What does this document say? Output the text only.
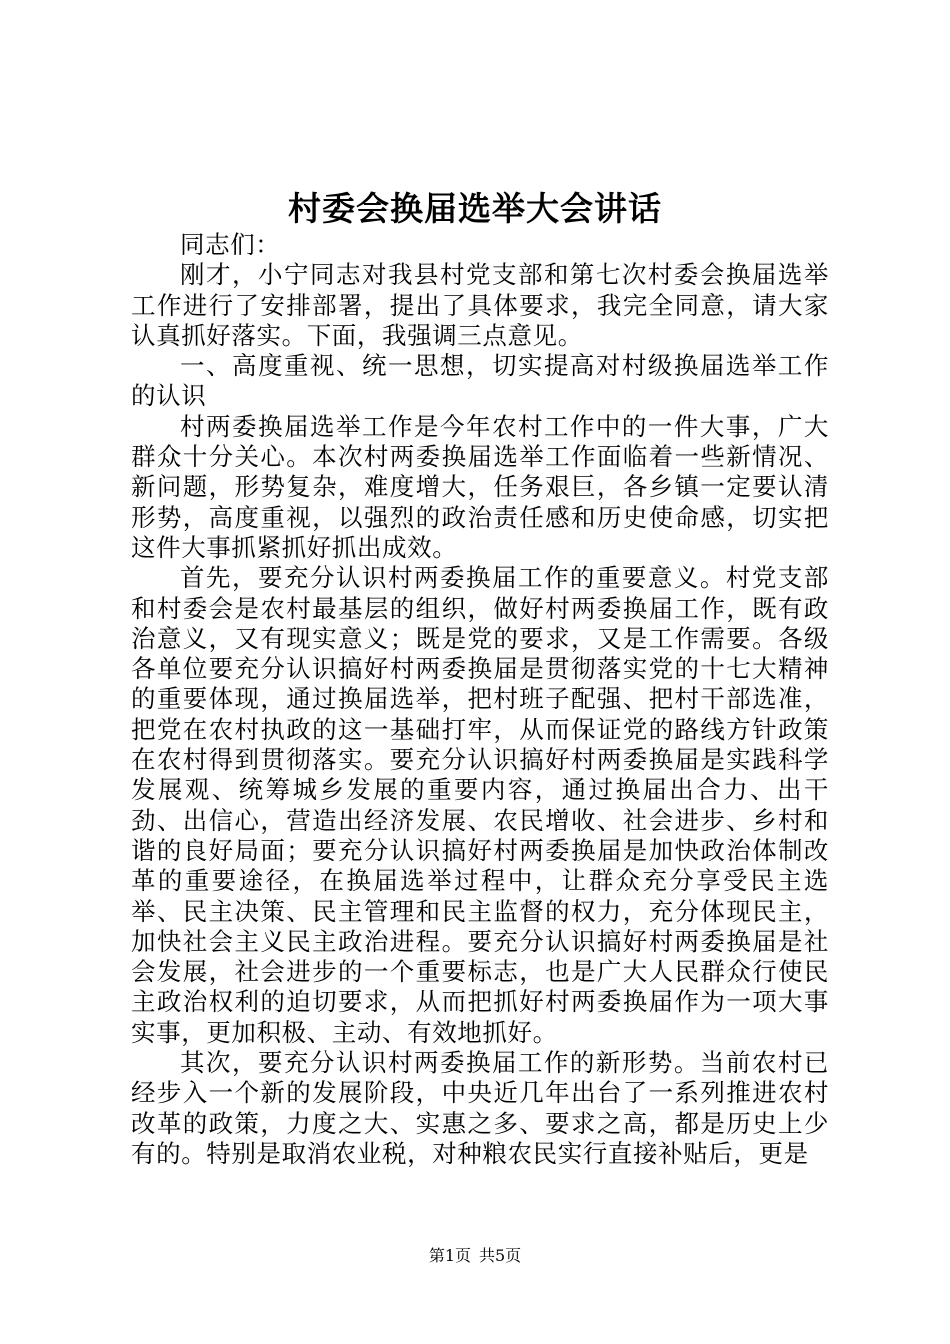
村委会换届选举大会讲话

同志们：

刚才，小宁同志对我县村党支部和第七次村委会换届选举工作进行了安排部署，提出了具体要求，我完全同意，请大家认真抓好落实。下面，我强调三点意见。

一、高度重视、统一思想，切实提高对村级换届选举工作的认识

村两委换届选举工作是今年农村工作中的一件大事，广大群众十分关心。本次村两委换届选举工作面临着一些新情况、新问题，形势复杂，难度增大，任务艰巨，各乡镇一定要认清形势，高度重视，以强烈的政治责任感和历史使命感，切实把这件大事抓紧抓好抓出成效。

首先，要充分认识村两委换届工作的重要意义。村党支部和村委会是农村最基层的组织，做好村两委换届工作，既有政治意义，又有现实意义；既是党的要求，又是工作需要。各级各单位要充分认识搞好村两委换届是贯彻落实党的十七大精神的重要体现，通过换届选举，把村班子配强、把村干部选准，把党在农村执政的这一基础打牢，从而保证党的路线方针政策在农村得到贯彻落实。要充分认识搞好村两委换届是实践科学发展观、统筹城乡发展的重要内容，通过换届出合力、出干劲、出信心，营造出经济发展、农民增收、社会进步、乡村和谐的良好局面；要充分认识搞好村两委换届是加快政治体制改革的重要途径，在换届选举过程中，让群众充分享受民主选举、民主决策、民主管理和民主监督的权力，充分体现民主，加快社会主义民主政治进程。要充分认识搞好村两委换届是社会发展，社会进步的一个重要标志，也是广大人民群众行使民主政治权利的迫切要求，从而把抓好村两委换届作为一项大事实事，更加积极、主动、有效地抓好。

其次，要充分认识村两委换届工作的新形势。当前农村已经步入一个新的发展阶段，中央近几年出台了一系列推进农村改革的政策，力度之大、实惠之多、要求之高，都是历史上少有的。特别是取消农业税，对种粮农民实行直接补贴后，更是

第1页 共5页
